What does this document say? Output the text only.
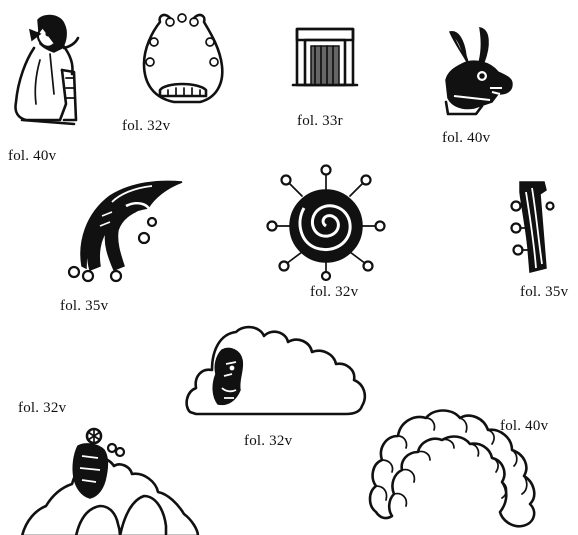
fol. 40v
fol. 32v	fol. 33r
fol. 40v
fol. 35v
fol. 32v	fol. 35v
fol. 32v
fol. 32v
fol. 40v
